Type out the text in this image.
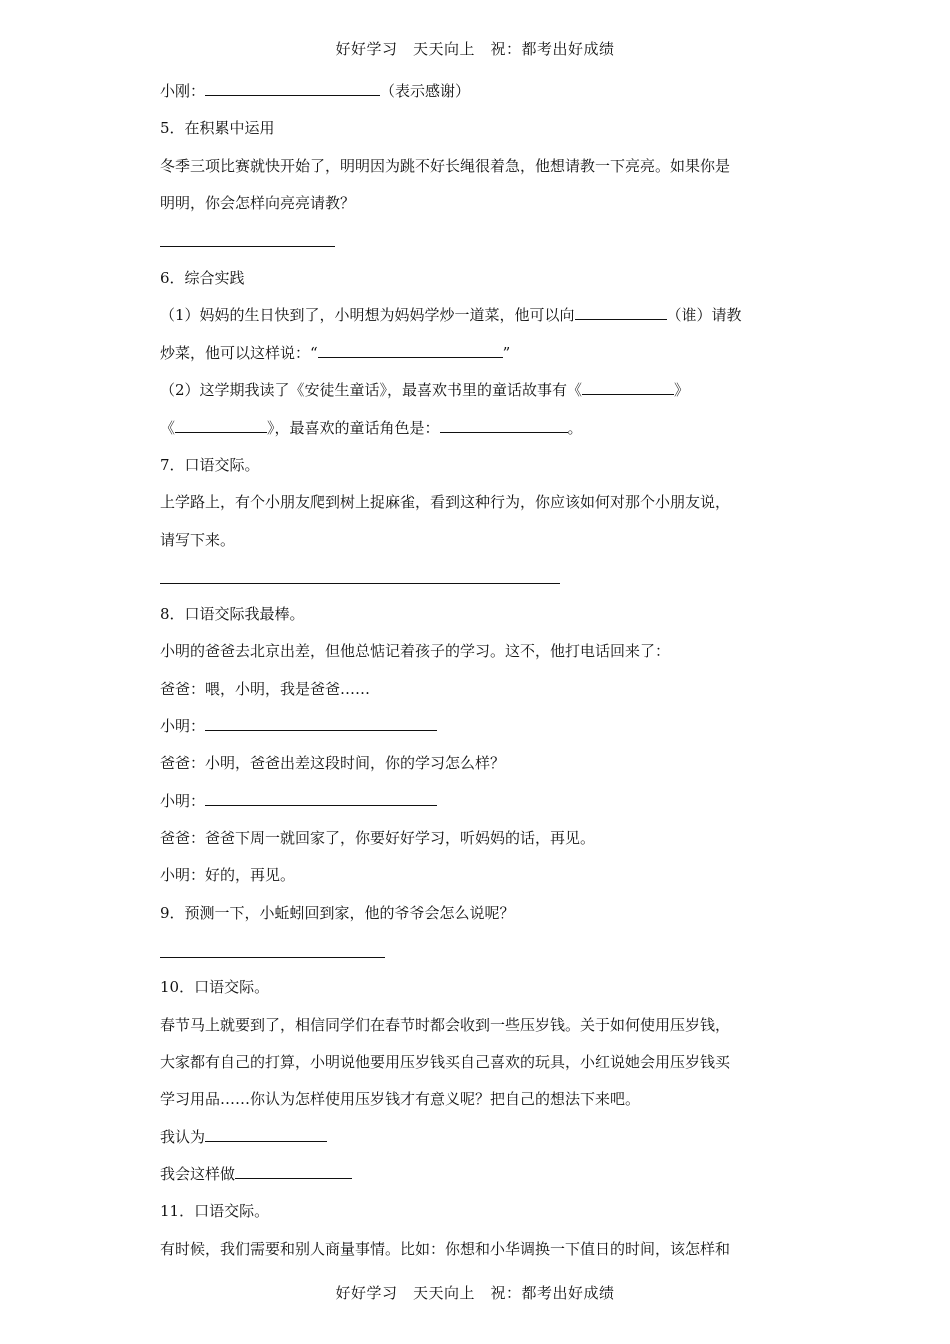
好好学习　天天向上　祝：都考出好成绩
小刚：	（表示感谢）
5．在积累中运用
冬季三项比赛就快开始了，明明因为跳不好长绳很着急，他想请教一下亮亮。如果你是
明明，你会怎样向亮亮请教？
6．综合实践
（1）妈妈的生日快到了，小明想为妈妈学炒一道菜，他可以向	（谁）请教
炒菜，他可以这样说：“	”
（2）这学期我读了《安徒生童话》，最喜欢书里的童话故事有《	》
《	》，最喜欢的童话角色是：	。
7．口语交际。
上学路上，有个小朋友爬到树上捉麻雀，看到这种行为，你应该如何对那个小朋友说，
请写下来。
8．口语交际我最棒。
小明的爸爸去北京出差，但他总惦记着孩子的学习。这不，他打电话回来了：
爸爸：喂，小明，我是爸爸……
小明：
爸爸：小明，爸爸出差这段时间，你的学习怎么样？
小明：
爸爸：爸爸下周一就回家了，你要好好学习，听妈妈的话，再见。
小明：好的，再见。
9．预测一下，小蚯蚓回到家，他的爷爷会怎么说呢？
10．口语交际。
春节马上就要到了，相信同学们在春节时都会收到一些压岁钱。关于如何使用压岁钱，
大家都有自己的打算，小明说他要用压岁钱买自己喜欢的玩具，小红说她会用压岁钱买
学习用品……你认为怎样使用压岁钱才有意义呢？把自己的想法下来吧。
我认为
我会这样做
11．口语交际。
有时候，我们需要和别人商量事情。比如：你想和小华调换一下值日的时间，该怎样和
好好学习　天天向上　祝：都考出好成绩
